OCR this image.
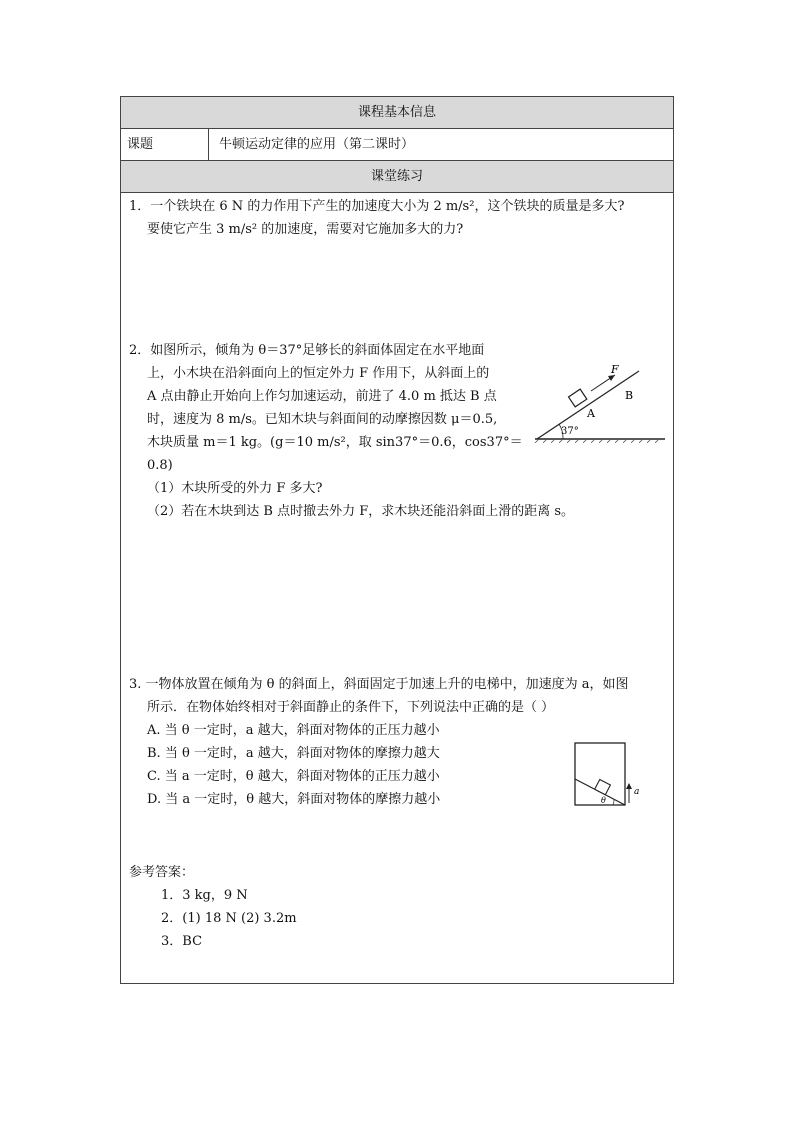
课程基本信息
课题	牛顿运动定律的应用（第二课时）
课堂练习
1．一个铁块在 6 N 的力作用下产生的加速度大小为 2 m/s²，这个铁块的质量是多大?
要使它产生 3 m/s² 的加速度，需要对它施加多大的力?
2．如图所示，倾角为 θ＝37°足够长的斜面体固定在水平地面
上，小木块在沿斜面向上的恒定外力 F 作用下，从斜面上的
A 点由静止开始向上作匀加速运动，前进了 4.0 m 抵达 B 点
时，速度为 8 m/s。已知木块与斜面间的动摩擦因数 μ＝0.5,
木块质量 m＝1 kg。(g＝10 m/s²，取 sin37°＝0.6，cos37°＝
0.8)
（1）木块所受的外力 F 多大?
（2）若在木块到达 B 点时撤去外力 F，求木块还能沿斜面上滑的距离 s。
F
A
B
37°
3. 一物体放置在倾角为 θ 的斜面上，斜面固定于加速上升的电梯中，加速度为 a，如图
所示．在物体始终相对于斜面静止的条件下，下列说法中正确的是（ ）
A. 当 θ 一定时，a 越大，斜面对物体的正压力越小
B. 当 θ 一定时，a 越大，斜面对物体的摩擦力越大
C. 当 a 一定时，θ 越大，斜面对物体的正压力越小
D. 当 a 一定时，θ 越大，斜面对物体的摩擦力越小	θ
a
参考答案：
1．3 kg，9 N
2．(1) 18 N (2) 3.2m
3．BC
